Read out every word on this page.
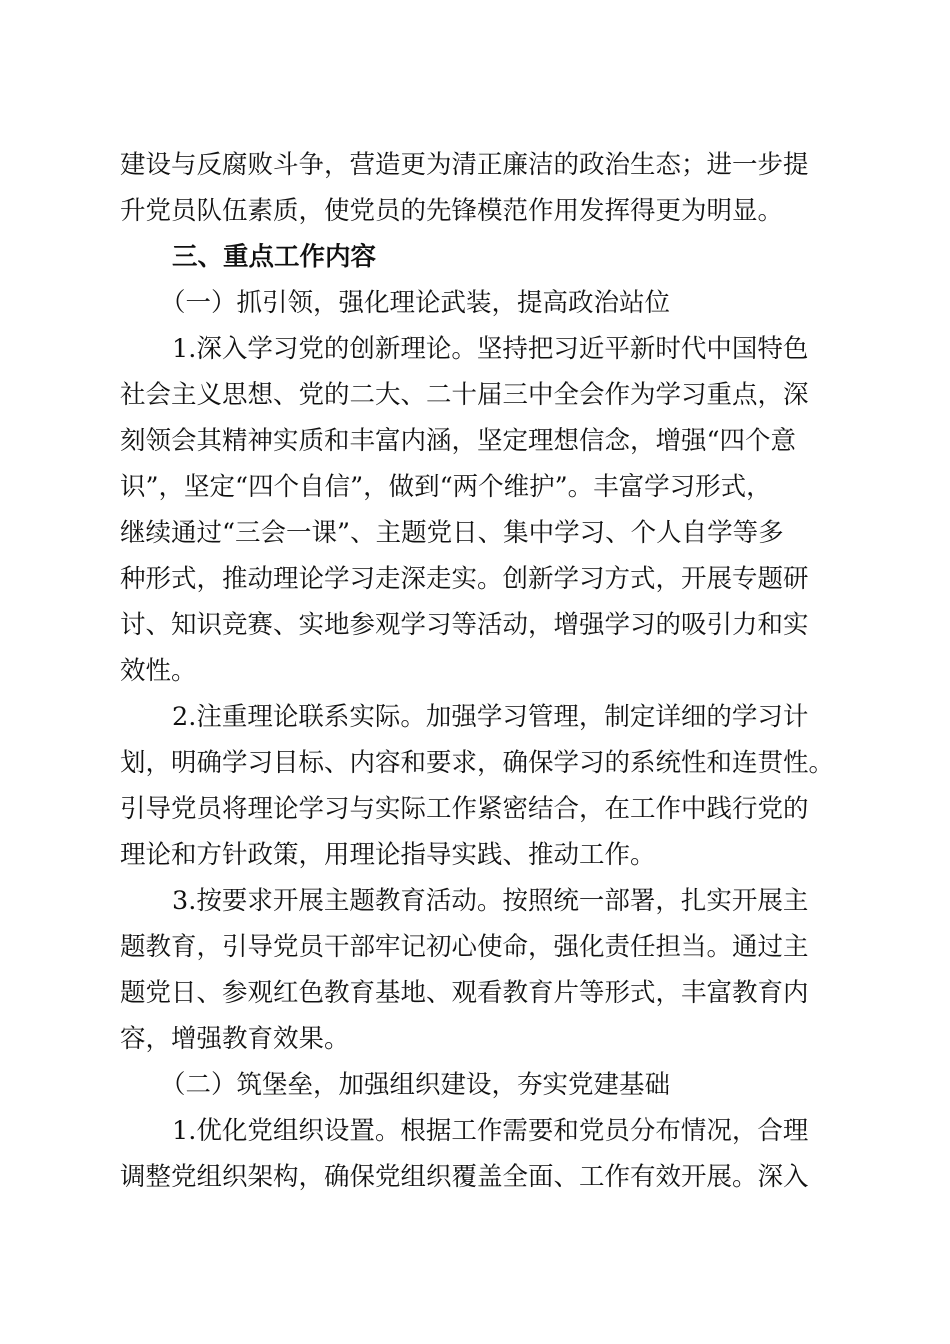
建设与反腐败斗争，营造更为清正廉洁的政治生态；进一步提
升党员队伍素质，使党员的先锋模范作用发挥得更为明显。
三、重点工作内容
（一）抓引领，强化理论武装，提高政治站位
1.深入学习党的创新理论。坚持把习近平新时代中国特色
社会主义思想、党的二大、二十届三中全会作为学习重点，深
刻领会其精神实质和丰富内涵，坚定理想信念，增强“四个意
识”，坚定“四个自信”，做到“两个维护”。丰富学习形式，
继续通过“三会一课”、主题党日、集中学习、个人自学等多
种形式，推动理论学习走深走实。创新学习方式，开展专题研
讨、知识竞赛、实地参观学习等活动，增强学习的吸引力和实
效性。
2.注重理论联系实际。加强学习管理，制定详细的学习计
划，明确学习目标、内容和要求，确保学习的系统性和连贯性。
引导党员将理论学习与实际工作紧密结合，在工作中践行党的
理论和方针政策，用理论指导实践、推动工作。
3.按要求开展主题教育活动。按照统一部署，扎实开展主
题教育，引导党员干部牢记初心使命，强化责任担当。通过主
题党日、参观红色教育基地、观看教育片等形式，丰富教育内
容，增强教育效果。
（二）筑堡垒，加强组织建设，夯实党建基础
1.优化党组织设置。根据工作需要和党员分布情况，合理
调整党组织架构，确保党组织覆盖全面、工作有效开展。深入
